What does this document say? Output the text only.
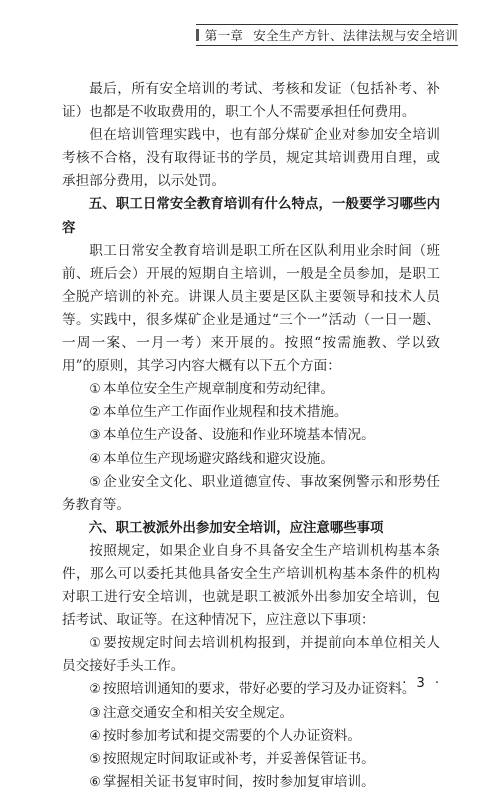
第一章 安全生产方针、法律法规与安全培训

最后，所有安全培训的考试、考核和发证（包括补考、补证）也都是不收取费用的，职工个人不需要承担任何费用。

但在培训管理实践中，也有部分煤矿企业对参加安全培训考核不合格，没有取得证书的学员，规定其培训费用自理，或承担部分费用，以示处罚。

五、职工日常安全教育培训有什么特点，一般要学习哪些内容

职工日常安全教育培训是职工所在区队利用业余时间（班前、班后会）开展的短期自主培训，一般是全员参加，是职工全脱产培训的补充。讲课人员主要是区队主要领导和技术人员等。实践中，很多煤矿企业是通过“三个一”活动（一日一题、一周一案、一月一考）来开展的。按照“按需施教、学以致用”的原则，其学习内容大概有以下五个方面：

① 本单位安全生产规章制度和劳动纪律。

② 本单位生产工作面作业规程和技术措施。

③ 本单位生产设备、设施和作业环境基本情况。

④ 本单位生产现场避灾路线和避灾设施。

⑤ 企业安全文化、职业道德宣传、事故案例警示和形势任务教育等。

六、职工被派外出参加安全培训，应注意哪些事项

按照规定，如果企业自身不具备安全生产培训机构基本条件，那么可以委托其他具备安全生产培训机构基本条件的机构对职工进行安全培训，也就是职工被派外出参加安全培训，包括考试、取证等。在这种情况下，应注意以下事项：

① 要按规定时间去培训机构报到，并提前向本单位相关人员交接好手头工作。

② 按照培训通知的要求，带好必要的学习及办证资料。

③ 注意交通安全和相关安全规定。

④ 按时参加考试和提交需要的个人办证资料。

⑤ 按照规定时间取证或补考，并妥善保管证书。

⑥ 掌握相关证书复审时间，按时参加复审培训。

· 3 ·
